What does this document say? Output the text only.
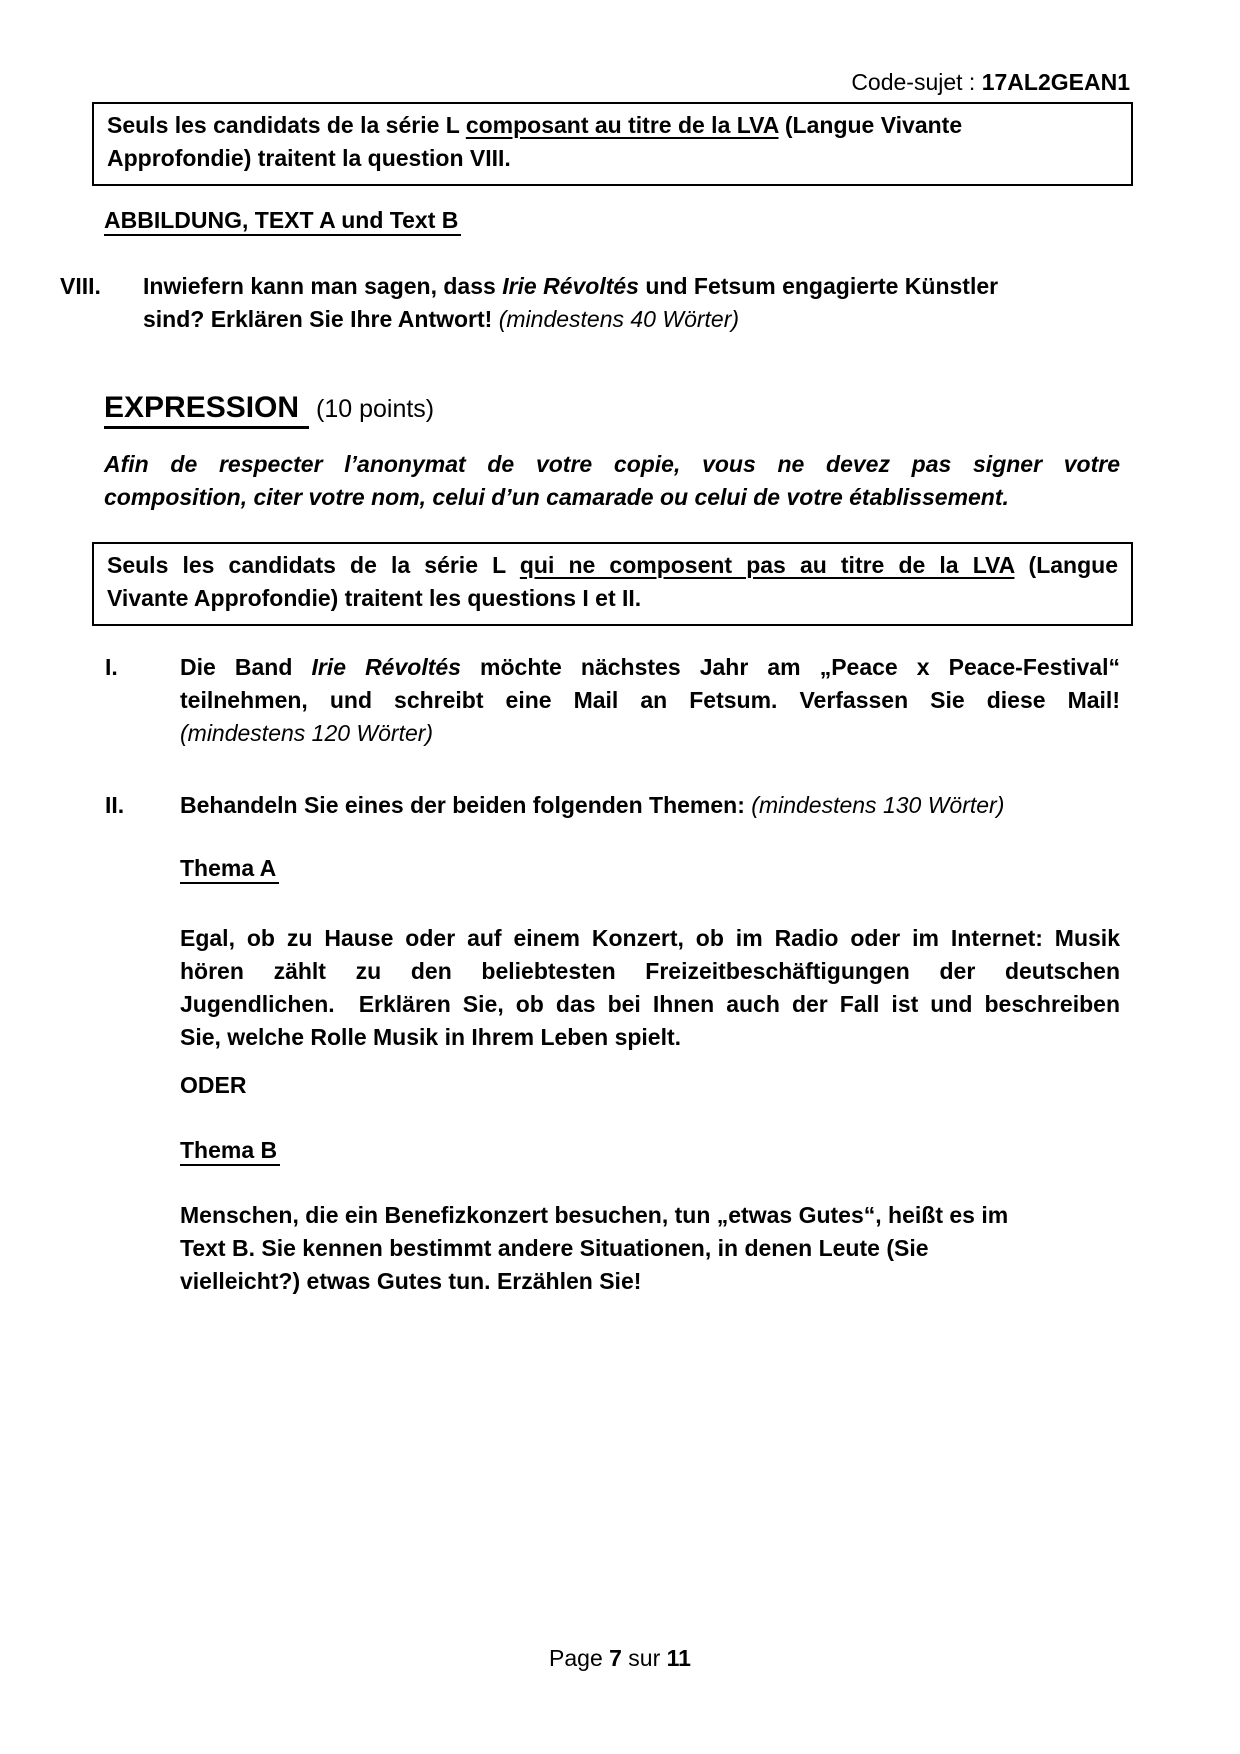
Code-sujet : 17AL2GEAN1
Seuls les candidats de la série L composant au titre de la LVA (Langue Vivante
Approfondie) traitent la question VIII.
ABBILDUNG, TEXT A und Text B
VIII. Inwiefern kann man sagen, dass Irie Révoltés und Fetsum engagierte Künstler
sind? Erklären Sie Ihre Antwort! (mindestens 40 Wörter)
EXPRESSION (10 points)
Afin de respecter l’anonymat de votre copie, vous ne devez pas signer votre
composition, citer votre nom, celui d’un camarade ou celui de votre établissement.
Seuls les candidats de la série L qui ne composent pas au titre de la LVA (Langue
Vivante Approfondie) traitent les questions I et II.
I.	Die Band Irie Révoltés möchte nächstes Jahr am „Peace x Peace-Festival“
teilnehmen, und schreibt eine Mail an Fetsum. Verfassen Sie diese Mail!
(mindestens 120 Wörter)
II. Behandeln Sie eines der beiden folgenden Themen: (mindestens 130 Wörter)
Thema A
Egal, ob zu Hause oder auf einem Konzert, ob im Radio oder im Internet: Musik
hören zählt zu den beliebtesten Freizeitbeschäftigungen der deutschen
Jugendlichen.  Erklären Sie, ob das bei Ihnen auch der Fall ist und beschreiben
Sie, welche Rolle Musik in Ihrem Leben spielt.
ODER
Thema B
Menschen, die ein Benefizkonzert besuchen, tun „etwas Gutes“, heißt es im
Text B. Sie kennen bestimmt andere Situationen, in denen Leute (Sie
vielleicht?) etwas Gutes tun. Erzählen Sie!
Page 7 sur 11
